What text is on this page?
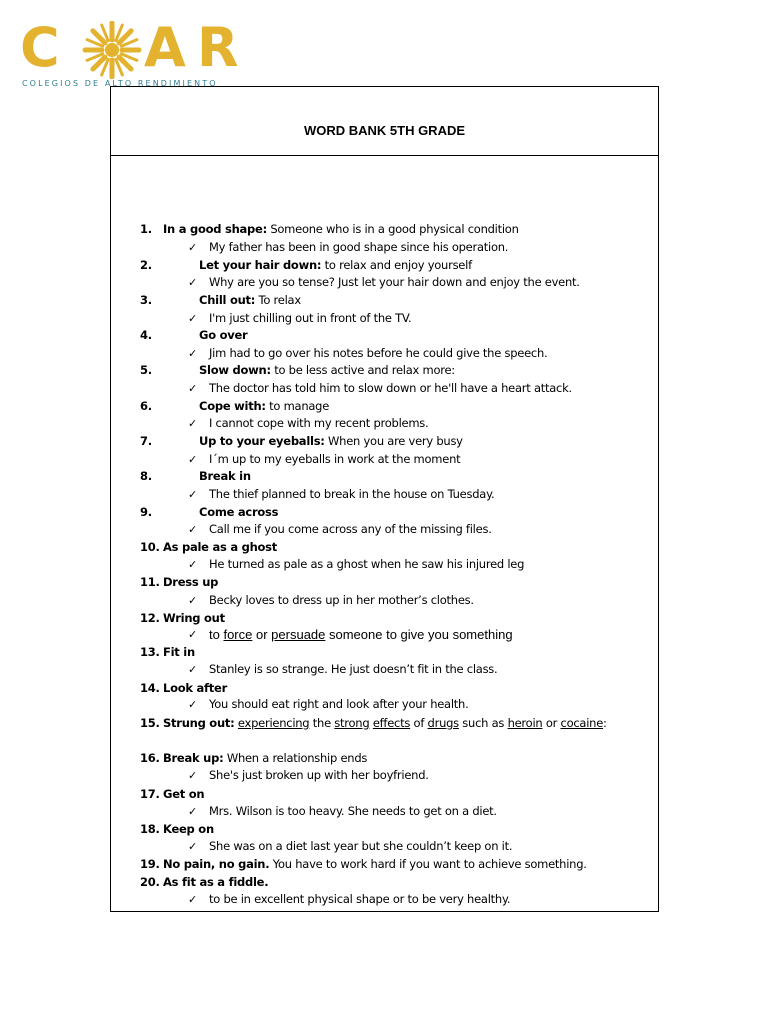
C A R
COLEGIOS DE ALTO RENDIMIENTO
WORD BANK 5TH GRADE
1. In a good shape: Someone who is in a good physical condition
✓ My father has been in good shape since his operation.
2.	Let your hair down: to relax and enjoy yourself
✓ Why are you so tense? Just let your hair down and enjoy the event.
3.	Chill out: To relax
✓ I'm just chilling out in front of the TV.
4.	Go over
✓ Jim had to go over his notes before he could give the speech.
5.	Slow down: to be less active and relax more:
✓ The doctor has told him to slow down or he'll have a heart attack.
6.	Cope with: to manage
✓ I cannot cope with my recent problems.
7.	Up to your eyeballs: When you are very busy
✓ I´m up to my eyeballs in work at the moment
8.	Break in
✓ The thief planned to break in the house on Tuesday.
9.	Come across
✓ Call me if you come across any of the missing files.
10. As pale as a ghost
✓ He turned as pale as a ghost when he saw his injured leg
11. Dress up
✓ Becky loves to dress up in her mother’s clothes.
12. Wring out
✓ to force or persuade someone to give you something
13. Fit in
✓ Stanley is so strange. He just doesn’t fit in the class.
14. Look after
✓ You should eat right and look after your health.
15. Strung out: experiencing the strong effects of drugs such as heroin or cocaine:
16. Break up: When a relationship ends
✓ She's just broken up with her boyfriend.
17. Get on
✓ Mrs. Wilson is too heavy. She needs to get on a diet.
18. Keep on
✓ She was on a diet last year but she couldn’t keep on it.
19. No pain, no gain. You have to work hard if you want to achieve something.
20. As fit as a fiddle.
✓ to be in excellent physical shape or to be very healthy.
